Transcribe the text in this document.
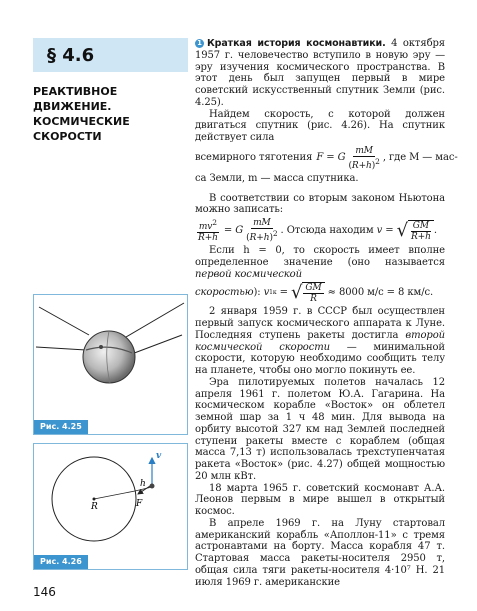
§ 4.6
РЕАКТИВНОЕ
ДВИЖЕНИЕ.
КОСМИЧЕСКИЕ
СКОРОСТИ
Рис. 4.25
R
h
v
F
Рис. 4.26

1 Краткая история космонавтики. 4 октября 1957 г. человечество вступило в новую эру — эру изучения космического пространства. В этот день был запущен первый в мире советский искусственный спутник Земли (рис. 4.25).

Найдем скорость, с которой должен двигаться спутник (рис. 4.26). На спутник действует сила

всемирного тяготения F = G $\frac{mM}{(R+h)^2}$ , где M — мас-

са Земли, m — масса спутника.

В соответствии со вторым законом Ньютона можно записать:

$\frac{mv^2}{R+h} = G \frac{mM}{(R+h)^2}$ . Отсюда находим
v = √ $\frac{GM}{R+h}$ .

Если h = 0, то скорость имеет вполне определенное значение (оно называется первой космической

скоростью ): v 1к = √ $\frac{GM}{R}$
≈ 8000 м/с = 8 км/с.

2 января 1959 г. в СССР был осуществлен первый запуск космического аппарата к Луне. Последняя ступень ракеты достигла второй космической скорости — минимальной скорости, которую необходимо сообщить телу на планете, чтобы оно могло покинуть ее.

Эра пилотируемых полетов началась 12 апреля 1961 г. полетом Ю.А. Гагарина. На космическом корабле «Восток» он облетел земной шар за 1 ч 48 мин. Для вывода на орбиту высотой 327 км над Землей последней ступени ракеты вместе с кораблем (общая масса 7,13 т) использовалась трехступенчатая ракета «Восток» (рис. 4.27) общей мощностью 20 млн кВт.

18 марта 1965 г. советский космонавт А.А. Леонов первым в мире вышел в открытый космос.

В апреле 1969 г. на Луну стартовал американский корабль «Аполлон-11» с тремя астронавтами на борту. Масса корабля 47 т. Стартовая масса ракеты-носителя 2950 т, общая сила тяги ракеты-носителя 4·10⁷ Н. 21 июля 1969 г. американские

146
